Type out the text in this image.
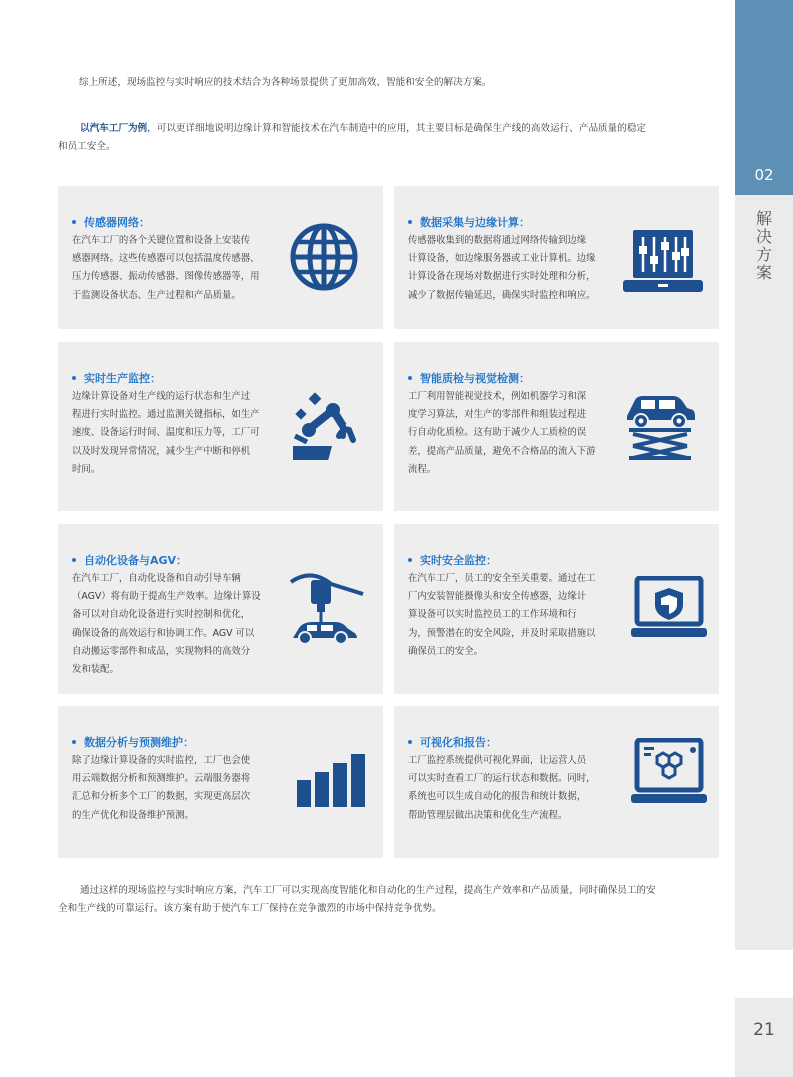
综上所述，现场监控与实时响应的技术结合为各种场景提供了更加高效、智能和安全的解决方案。
以汽车工厂为例，可以更详细地说明边缘计算和智能技术在汽车制造中的应用，其主要目标是确保生产线的高效运行、产品质量的稳定
和员工安全。
传感器网络：
在汽车工厂的各个关键位置和设备上安装传
感器网络。这些传感器可以包括温度传感器、
压力传感器、振动传感器、图像传感器等，用
于监测设备状态、生产过程和产品质量。
数据采集与边缘计算：
传感器收集到的数据将通过网络传输到边缘
计算设备，如边缘服务器或工业计算机。边缘
计算设备在现场对数据进行实时处理和分析，
减少了数据传输延迟，确保实时监控和响应。
实时生产监控：
边缘计算设备对生产线的运行状态和生产过
程进行实时监控。通过监测关键指标，如生产
速度、设备运行时间、温度和压力等，工厂可
以及时发现异常情况，减少生产中断和停机
时间。
智能质检与视觉检测：
工厂利用智能视觉技术，例如机器学习和深
度学习算法，对生产的零部件和组装过程进
行自动化质检。这有助于减少人工质检的误
差，提高产品质量，避免不合格品的流入下游
流程。
自动化设备与AGV：
在汽车工厂，自动化设备和自动引导车辆
（AGV）将有助于提高生产效率。边缘计算设
备可以对自动化设备进行实时控制和优化，
确保设备的高效运行和协调工作。AGV 可以
自动搬运零部件和成品，实现物料的高效分
发和装配。
实时安全监控：
在汽车工厂，员工的安全至关重要。通过在工
厂内安装智能摄像头和安全传感器，边缘计
算设备可以实时监控员工的工作环境和行
为，预警潜在的安全风险，并及时采取措施以
确保员工的安全。
数据分析与预测维护：
除了边缘计算设备的实时监控，工厂也会使
用云端数据分析和预测维护。云端服务器将
汇总和分析多个工厂的数据，实现更高层次
的生产优化和设备维护预测。
可视化和报告：
工厂监控系统提供可视化界面，让运营人员
可以实时查看工厂的运行状态和数据。同时，
系统也可以生成自动化的报告和统计数据，
帮助管理层做出决策和优化生产流程。
通过这样的现场监控与实时响应方案，汽车工厂可以实现高度智能化和自动化的生产过程，提高生产效率和产品质量，同时确保员工的安
全和生产线的可靠运行。该方案有助于使汽车工厂保持在竞争激烈的市场中保持竞争优势。
02
解
决
方
案
21
